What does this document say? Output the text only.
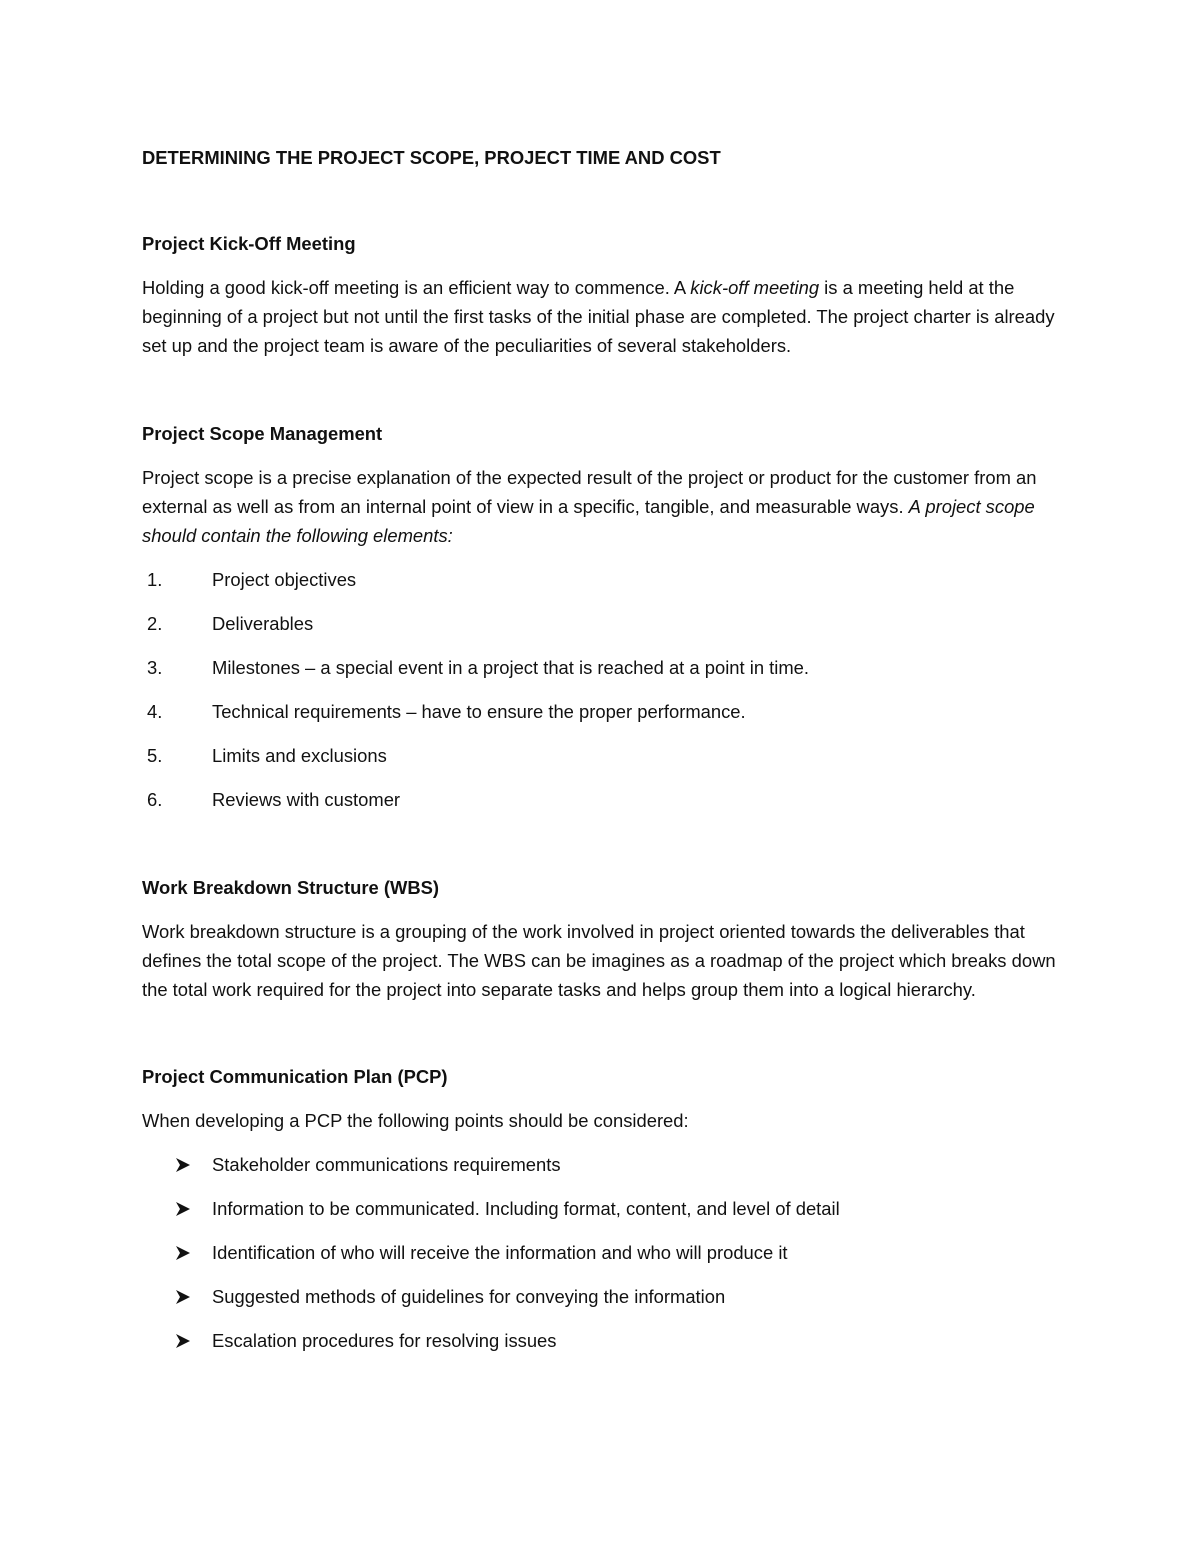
DETERMINING THE PROJECT SCOPE, PROJECT TIME AND COST

Project Kick-Off Meeting

Holding a good kick-off meeting is an efficient way to commence. A kick-off meeting is a meeting held at the beginning of a project but not until the first tasks of the initial phase are completed. The project charter is already set up and the project team is aware of the peculiarities of several stakeholders.

Project Scope Management

Project scope is a precise explanation of the expected result of the project or product for the customer from an external as well as from an internal point of view in a specific, tangible, and measurable ways. A project scope should contain the following elements:

1.	Project objectives
2.	Deliverables
3.	Milestones – a special event in a project that is reached at a point in time.
4.	Technical requirements – have to ensure the proper performance.
5.	Limits and exclusions
6.	Reviews with customer

Work Breakdown Structure (WBS)

Work breakdown structure is a grouping of the work involved in project oriented towards the deliverables that defines the total scope of the project. The WBS can be imagines as a roadmap of the project which breaks down the total work required for the project into separate tasks and helps group them into a logical hierarchy.

Project Communication Plan (PCP)

When developing a PCP the following points should be considered:

Stakeholder communications requirements
Information to be communicated. Including format, content, and level of detail
Identification of who will receive the information and who will produce it
Suggested methods of guidelines for conveying the information
Escalation procedures for resolving issues
